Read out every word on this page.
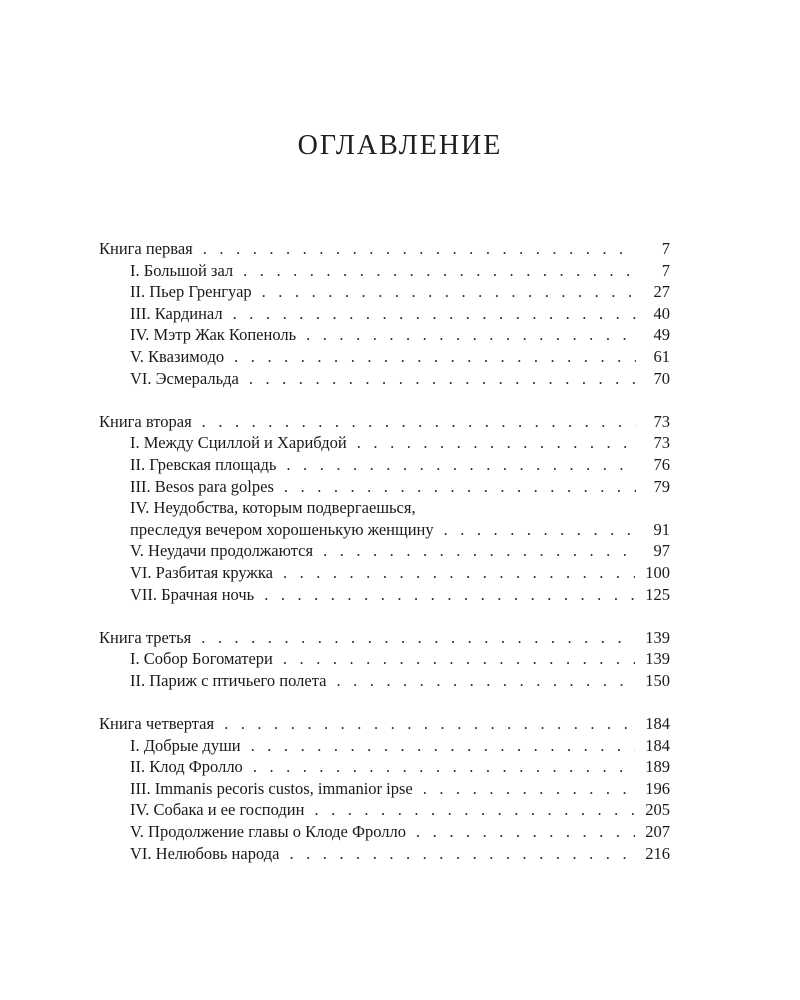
ОГЛАВЛЕНИЕ
Книга первая . . .	7
I. Большой зал . . .	7
II. Пьер Гренгуар . . .	27
III. Кардинал . . .	40
IV. Мэтр Жак Копеноль . . .	49
V. Квазимодо . . .	61
VI. Эсмеральда . . .	70
Книга вторая . . .	73
I. Между Сциллой и Харибдой . . .	73
II. Гревская площадь . . .	76
III. Besos para golpes . . .	79
IV. Неудобства, которым подвергаешься,
преследуя вечером хорошенькую женщину . . .	91
V. Неудачи продолжаются . . .	97
VI. Разбитая кружка . . .	100
VII. Брачная ночь . . .	125
Книга третья . . .	139
I. Собор Богоматери . . .	139
II. Париж с птичьего полета . . .	150
Книга четвертая . . .	184
I. Добрые души . . .	184
II. Клод Фролло . . .	189
III. Immanis pecoris custos, immanior ipse . . .	196
IV. Собака и ее господин . . .	205
V. Продолжение главы о Клоде Фролло . . .	207
VI. Нелюбовь народа . . .	216
